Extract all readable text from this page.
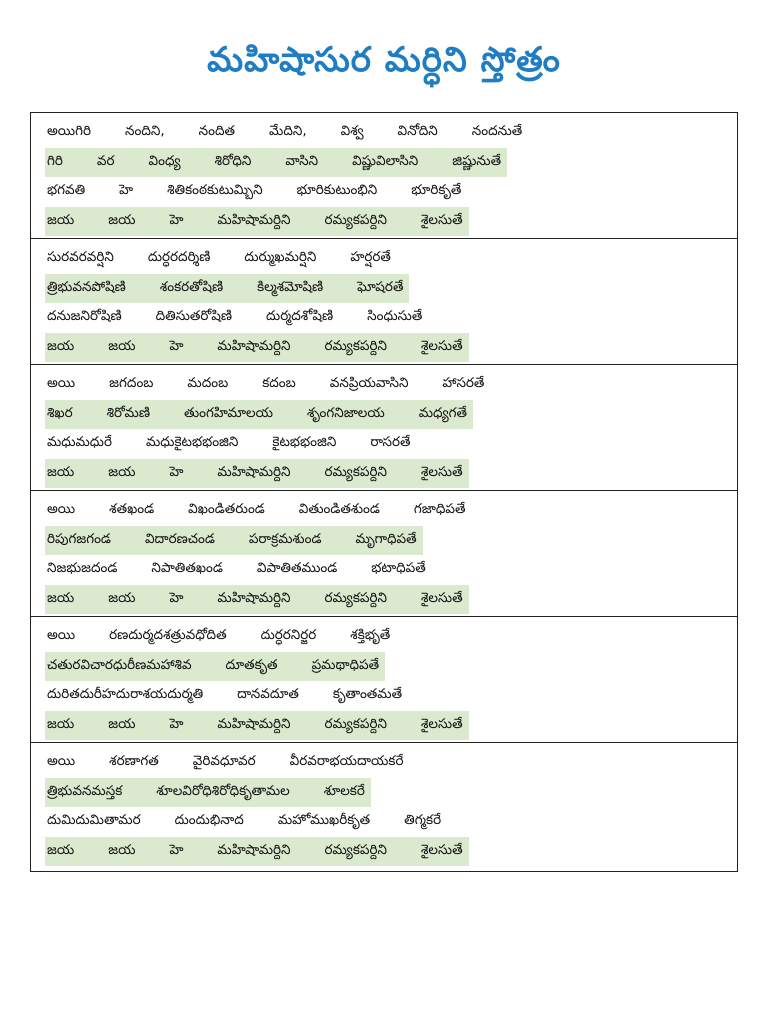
మహిషాసుర మర్ధిని స్తోత్రం
అయిగిరి	నందిని,	నందిత	మేదిని,	విశ్వ	వినోదిని	నందనుతే
గిరి	వర	వింధ్య	శిరోధిని	వాసిని	విష్ణువిలాసిని	జిష్ణునుతే
భగవతి	హె	శితికంఠకుటుమ్బిని	భూరికుటుంభిని	భూరికృతే
జయ	జయ	హె	మహిషామర్దిని	రమ్యకపర్దిని	శైలసుతే
సురవరవర్షిని	దుర్ధరదర్శిణి	దుర్ముఖమర్షిని	హర్షరతే
త్రిభువనపోషిణి	శంకరతోషిణి	కిల్మశమోషిణి	ఘోషరతే
దనుజనిరోషిణి	దితిసుతరోషిణి	దుర్మదశోషిణి	సింధుసుతే
జయ	జయ	హె	మహిషామర్దిని	రమ్యకపర్దిని	శైలసుతే
అయి	జగదంబ	మదంబ	కదంబ	వనప్రియవాసిని	హాసరతే
శిఖర	శిరోమణి	తుంగహిమాలయ	శృంగనిజాలయ	మధ్యగతే
మధుమధురే	మధుకైటభభంజిని	కైటభభంజిని	రాసరతే
జయ	జయ	హె	మహిషామర్దిని	రమ్యకపర్దిని	శైలసుతే
అయి	శతఖండ	విఖండితరుండ	వితుండితశుండ	గజాధిపతే
రిపుగజగండ	విదారణచండ	పరాక్రమశుండ	మృగాధిపతే
నిజభుజదండ	నిపాతితఖండ	విపాతితముండ	భటాధిపతే
జయ	జయ	హె	మహిషామర్దిని	రమ్యకపర్దిని	శైలసుతే
అయి	రణదుర్మదశత్రువధోదిత	దుర్ధరనిర్జర	శక్తిభృతే
చతురవిచారధురీణమహాశివ	దూతకృత	ప్రమథాధిపతే
దురితదురీహదురాశయదుర్మతి	దానవదూత	కృతాంతమతే
జయ	జయ	హె	మహిషామర్దిని	రమ్యకపర్దిని	శైలసుతే
అయి	శరణాగత	వైరివధూవర	వీరవరాభయదాయకరే
త్రిభువనమస్తక	శూలవిరోధిశిరోధికృతామల	శూలకరే
దుమిదుమితామర	దుందుభినాద	మహోముఖరీకృత	తిగ్మకరే
జయ	జయ	హె	మహిషామర్దిని	రమ్యకపర్దిని	శైలసుతే
